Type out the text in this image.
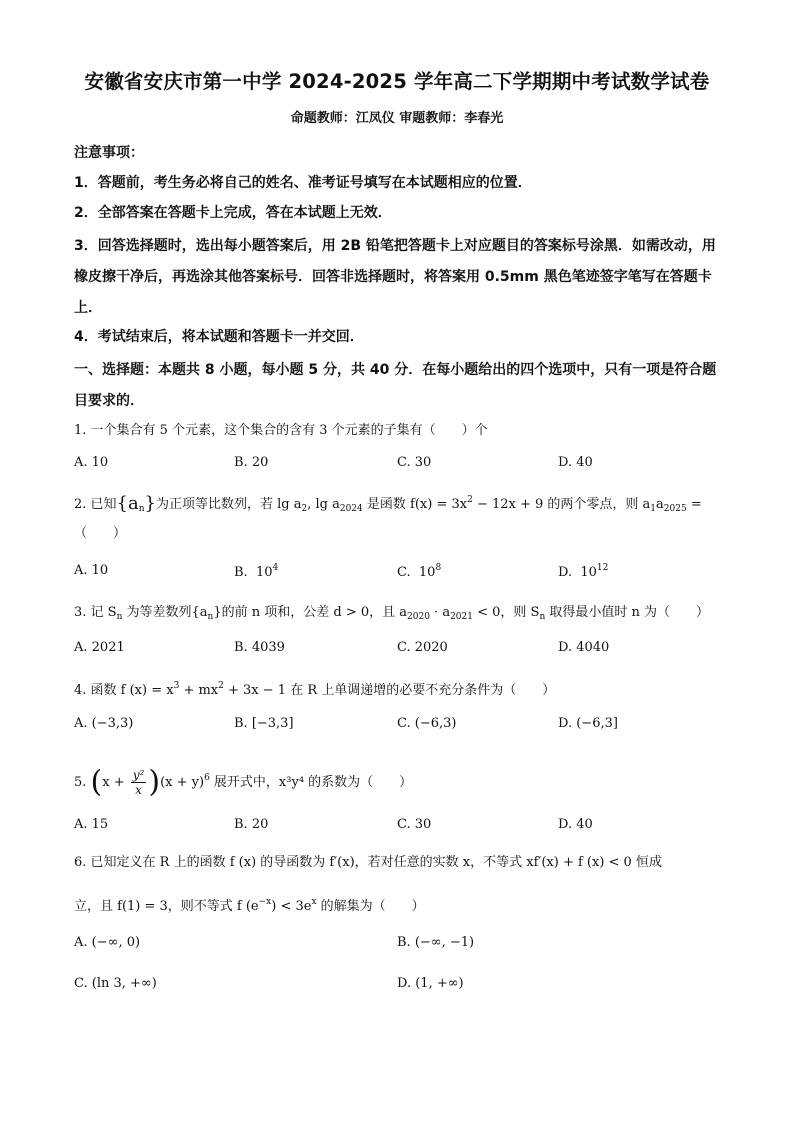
安徽省安庆市第一中学 2024-2025 学年高二下学期期中考试数学试卷
命题教师：江凤仪 审题教师：李春光
注意事项：
1．答题前，考生务必将自己的姓名、准考证号填写在本试题相应的位置．
2．全部答案在答题卡上完成，答在本试题上无效．
3．回答选择题时，选出每小题答案后，用 2B 铅笔把答题卡上对应题目的答案标号涂黑．如需改动，用橡皮擦干净后，再选涂其他答案标号．回答非选择题时，将答案用 0.5mm 黑色笔迹签字笔写在答题卡上．
4．考试结束后，将本试题和答题卡一并交回．
一、选择题：本题共 8 小题，每小题 5 分，共 40 分．在每小题给出的四个选项中，只有一项是符合题目要求的．
1. 一个集合有 5 个元素，这个集合的含有 3 个元素的子集有（　　）个
A. 10	B. 20	C. 30	D. 40
2. 已知$\{a_n\}$为正项等比数列，若 $\lg a_2$, $\lg a_{2024}$ 是函数 $f(x) = 3x^2 - 12x + 9$ 的两个零点，则 $a_1a_{2025}$ =
（　　）
A. 10	B. $10^4$	C. $10^8$	D. $10^{12}$
3. 记 $S_n$ 为等差数列$\{a_n\}$的前 n 项和，公差 d > 0，且 $a_{2020} \cdot a_{2021} < 0$，则 $S_n$ 取得最小值时 n 为（　　）
A. 2021	B. 4039	C. 2020	D. 4040
4. 函数 f $(x) = x^3 + mx^2 + 3x - 1$ 在 R 上单调递增的必要不充分条件为（　　）
A. (−3,3)	B. [−3,3]	C. (−6,3)	D. (−6,3]
5. $(x + \frac{\text{y²}}{x} )(x + y)^6$ 展开式中，x³y⁴ 的系数为（　　）
A. 15	B. 20	C. 30	D. 40
6. 已知定义在 R 上的函数 f (x) 的导函数为 f′(x)，若对任意的实数 x，不等式 xf′(x) + f (x) < 0 恒成
立，且 f(1) = 3，则不等式 f $(e^{-x}) < 3e^x$ 的解集为（　　）
A. (−∞, 0)	B. (−∞, −1)
C. (ln 3, +∞)	D. (1, +∞)
